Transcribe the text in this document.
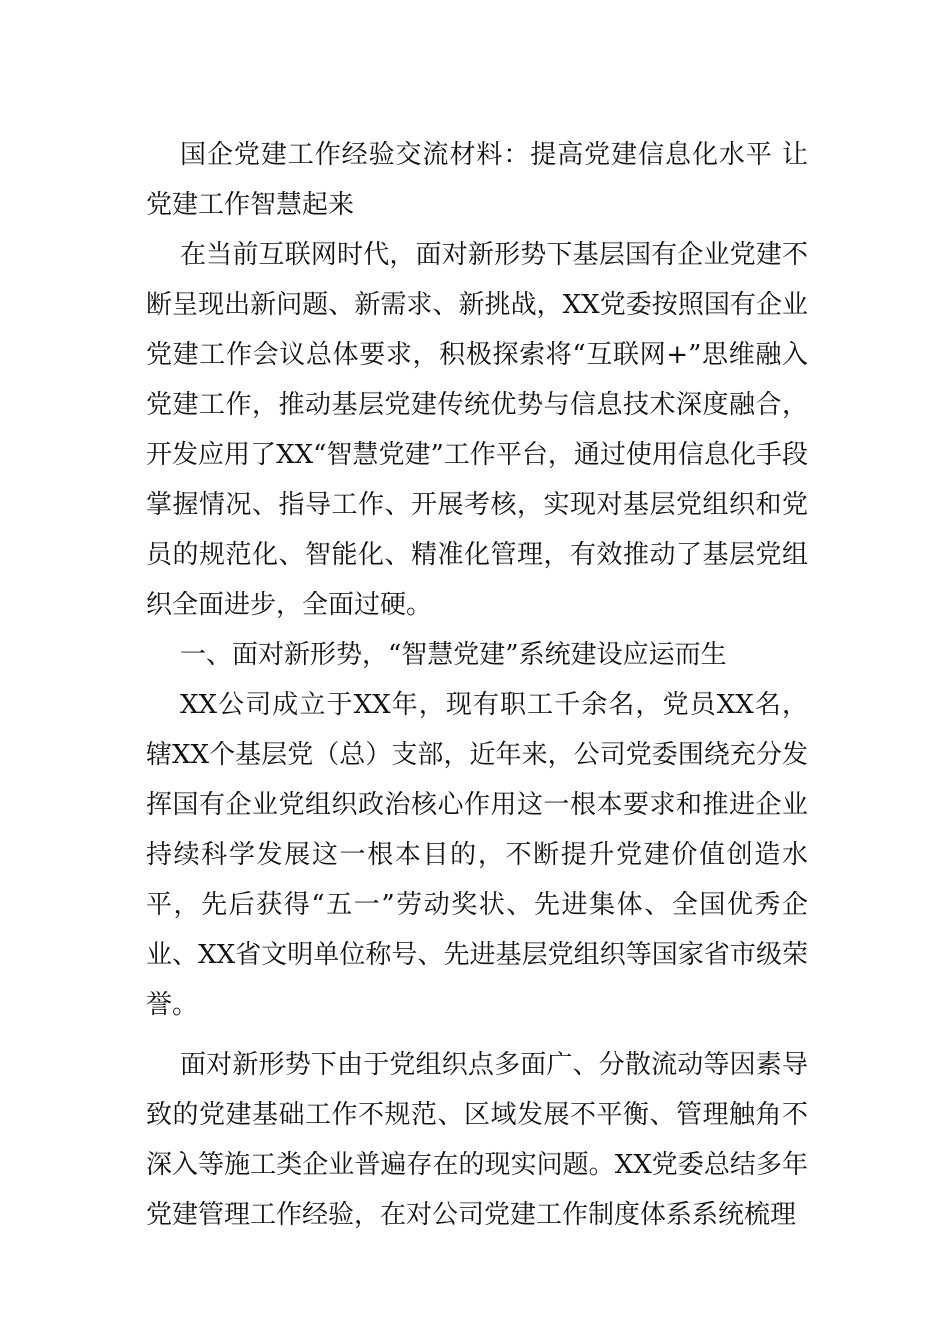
国企党建工作经验交流材料：提高党建信息化水平 让党建工作智慧起来

在当前互联网时代，面对新形势下基层国有企业党建不断呈现出新问题、新需求、新挑战，XX党委按照国有企业党建工作会议总体要求，积极探索将“互联网+”思维融入党建工作，推动基层党建传统优势与信息技术深度融合，开发应用了XX“智慧党建”工作平台，通过使用信息化手段掌握情况、指导工作、开展考核，实现对基层党组织和党员的规范化、智能化、精准化管理，有效推动了基层党组织全面进步，全面过硬。

一、面对新形势，“智慧党建”系统建设应运而生

XX公司成立于XX年，现有职工千余名，党员XX名，辖XX个基层党（总）支部，近年来，公司党委围绕充分发挥国有企业党组织政治核心作用这一根本要求和推进企业持续科学发展这一根本目的，不断提升党建价值创造水平，先后获得“五一”劳动奖状、先进集体、全国优秀企业、XX省文明单位称号、先进基层党组织等国家省市级荣誉。

面对新形势下由于党组织点多面广、分散流动等因素导致的党建基础工作不规范、区域发展不平衡、管理触角不深入等施工类企业普遍存在的现实问题。XX党委总结多年党建管理工作经验，在对公司党建工作制度体系系统梳理
